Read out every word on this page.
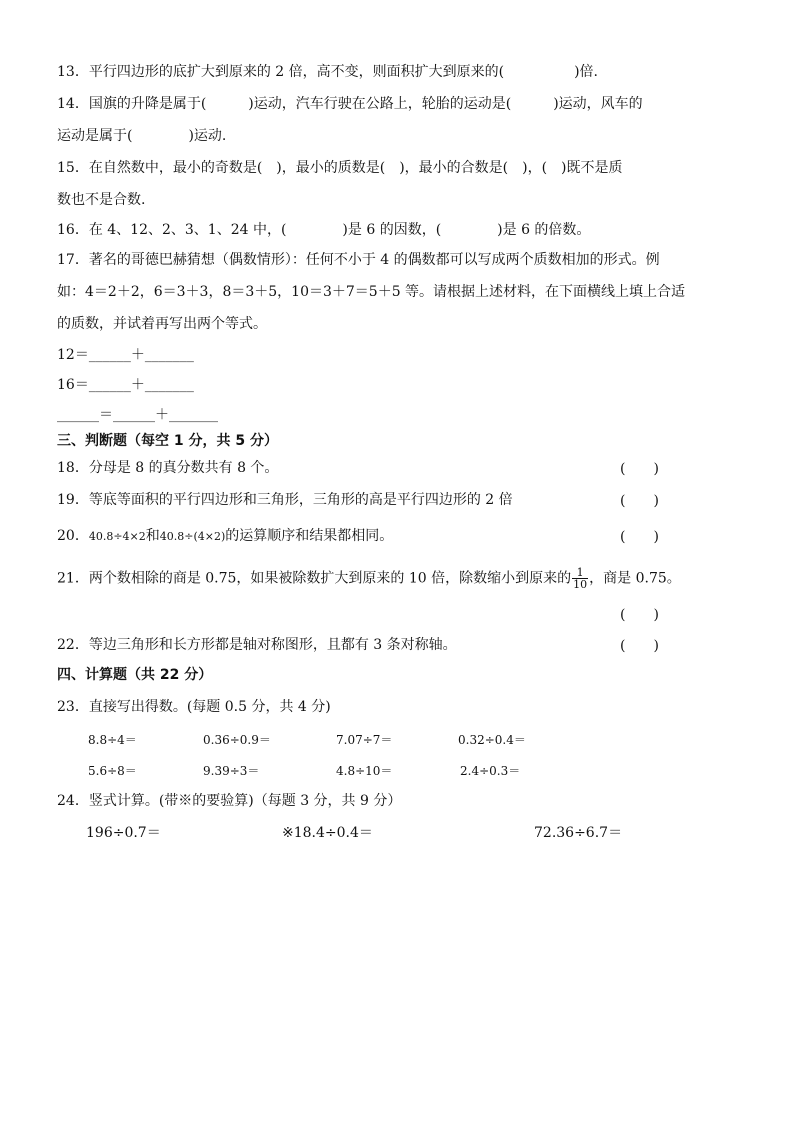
13．平行四边形的底扩大到原来的 2 倍，高不变，则面积扩大到原来的(　　　　　)倍.
14．国旗的升降是属于(　　　)运动，汽车行驶在公路上，轮胎的运动是(　　　)运动，风车的
运动是属于(　　　　)运动.
15．在自然数中，最小的奇数是(　)，最小的质数是(　)，最小的合数是(　)，(　)既不是质
数也不是合数.
16．在 4、12、2、3、1、24 中，(　　　　)是 6 的因数，(　　　　)是 6 的倍数。
17．著名的哥德巴赫猜想（偶数情形）：任何不小于 4 的偶数都可以写成两个质数相加的形式。例
如：4＝2＋2，6＝3＋3，8＝3＋5，10＝3＋7＝5＋5 等。请根据上述材料，在下面横线上填上合适
的质数，并试着再写出两个等式。
12＝______＋_______
16＝______＋_______
______＝______＋_______
三、判断题（每空 1 分，共 5 分）
18．分母是 8 的真分数共有 8 个。	(　　)
19．等底等面积的平行四边形和三角形，三角形的高是平行四边形的 2 倍	(　　)
20．40.8÷4×2和40.8÷(4×2)的运算顺序和结果都相同。	(　　)
21．两个数相除的商是 0.75，如果被除数扩大到原来的 10 倍，除数缩小到原来的 $\frac{1}{10}$ ，商是 0.75。
(　　)
22．等边三角形和长方形都是轴对称图形，且都有 3 条对称轴。	(　　)
四、计算题（共 22 分）
23．直接写出得数。(每题 0.5 分，共 4 分)
8.8÷4＝	0.36÷0.9＝	7.07÷7＝	0.32÷0.4＝
5.6÷8＝	9.39÷3＝	4.8÷10＝	2.4÷0.3＝
24．竖式计算。(带※的要验算)（每题 3 分，共 9 分）
196÷0.7＝	※18.4÷0.4＝	72.36÷6.7＝
